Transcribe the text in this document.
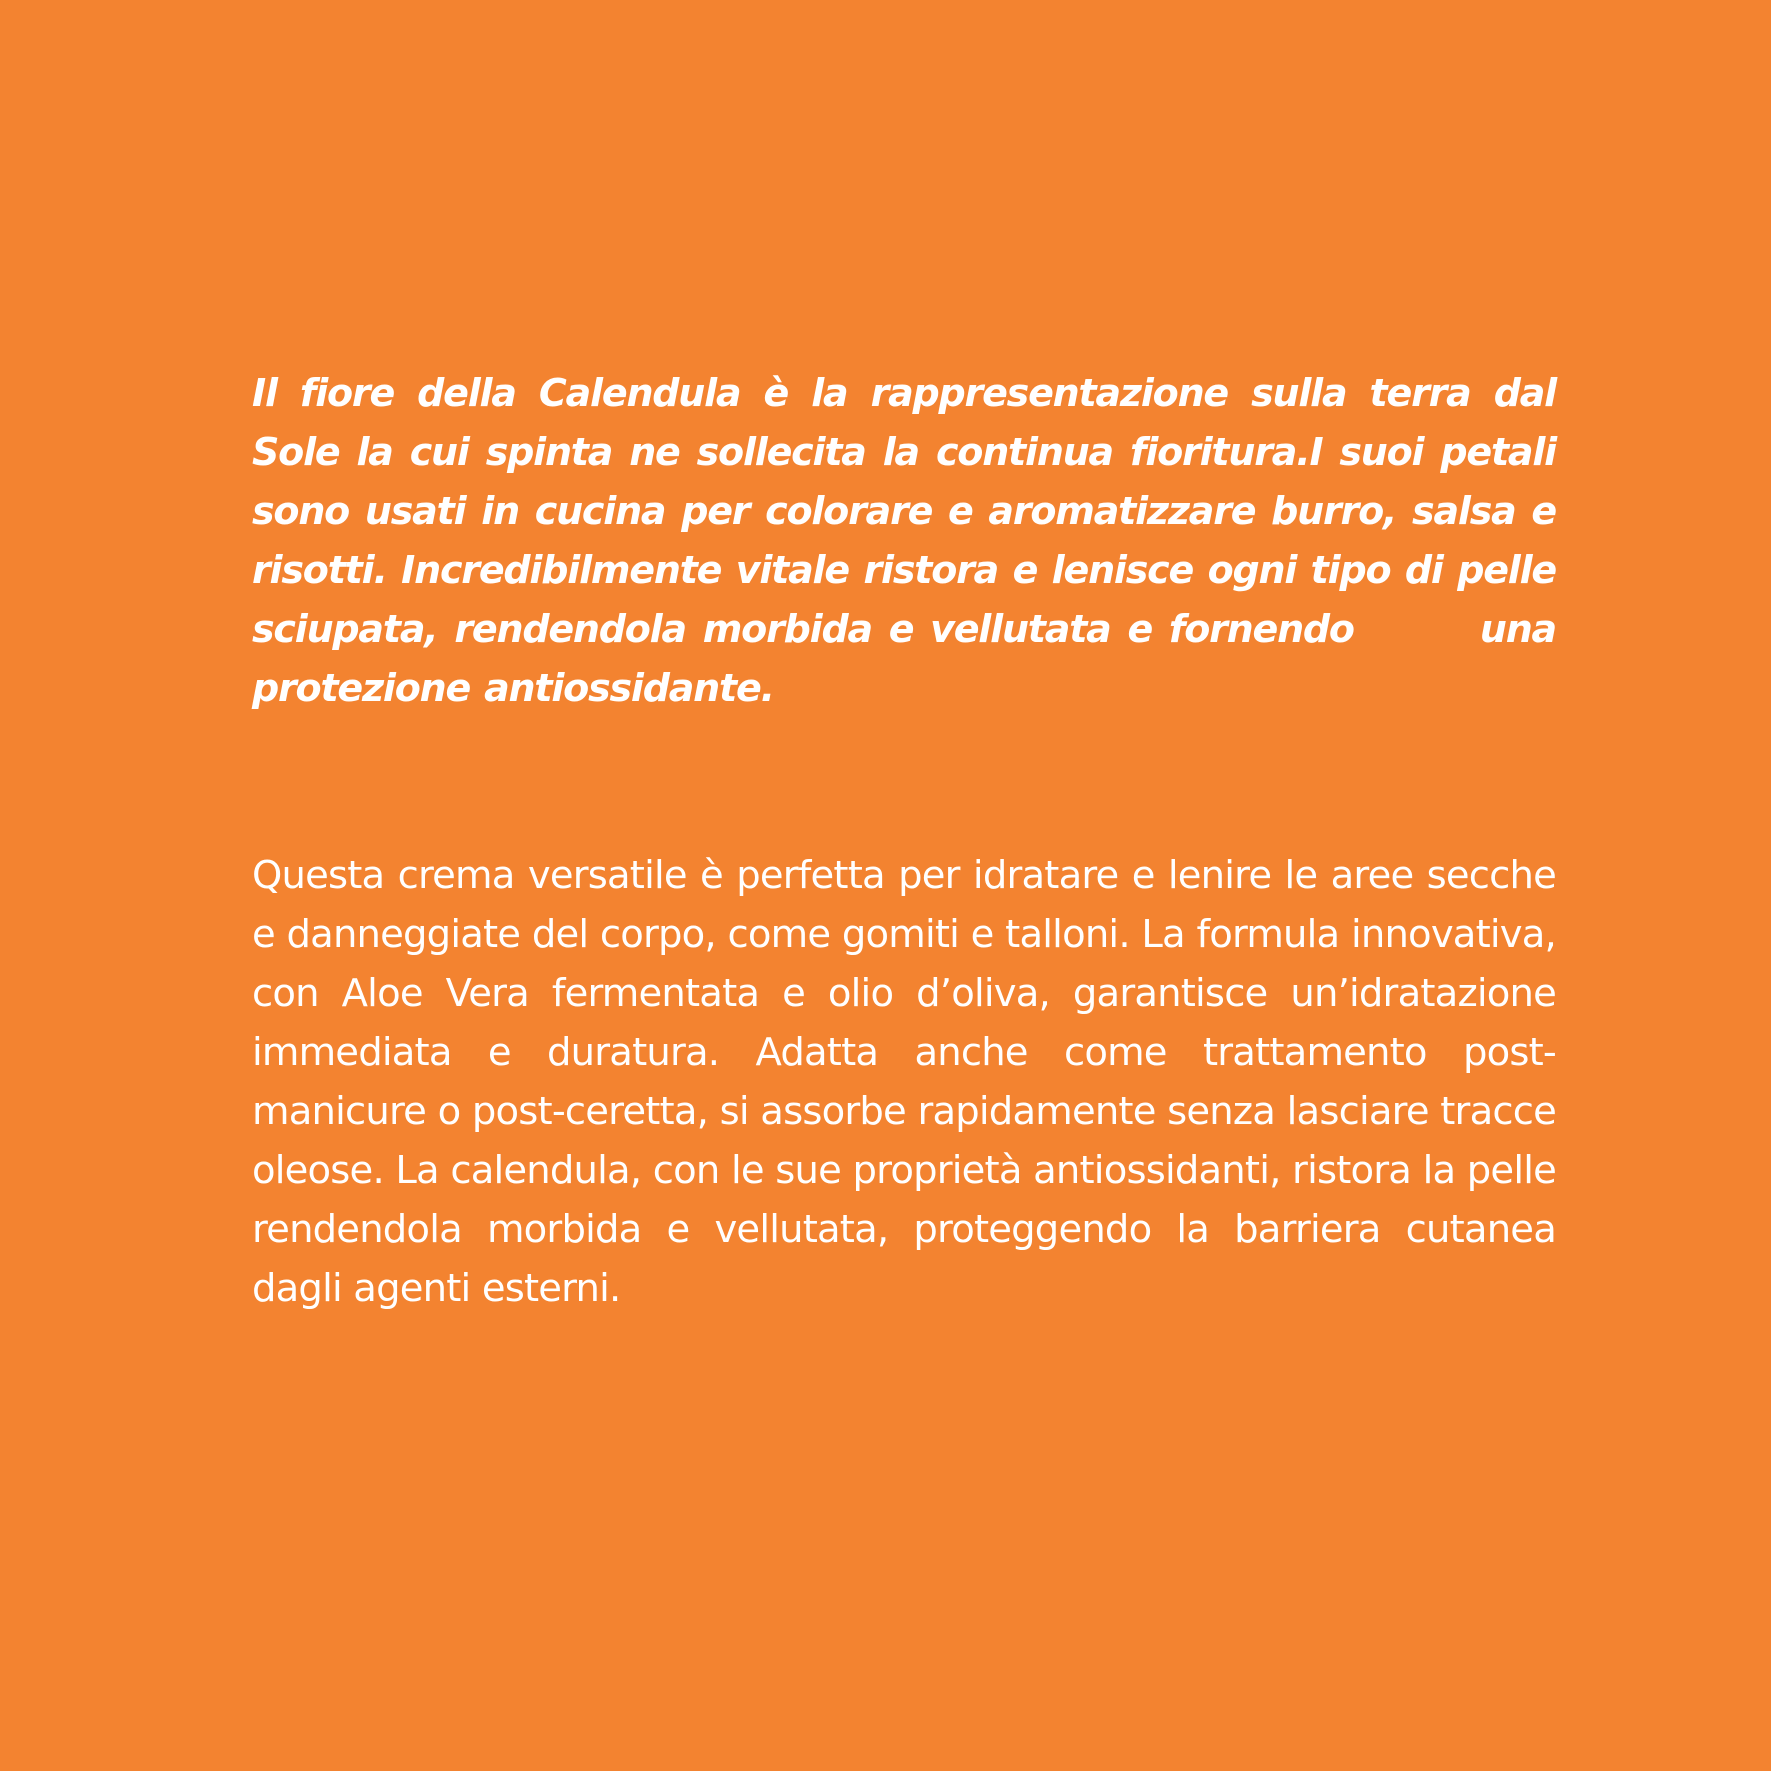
Il fiore della Calendula è la rappresentazione sulla terra dal Sole la cui spinta ne sollecita la continua fioritura.I suoi petali sono usati in cucina per colorare e aromatizzare burro, salsa e risotti. Incredibilmente vitale ristora e lenisce ogni tipo di pelle sciupata, rendendola morbida e vellutata e fornendo	una protezione antiossidante.

Questa crema versatile è perfetta per idratare e lenire le aree secche e danneggiate del corpo, come gomiti e talloni. La formula innovativa, con Aloe Vera fermentata e olio d’oliva, garantisce un’idratazione immediata e duratura. Adatta anche come trattamento post-manicure o post-ceretta, si assorbe rapidamente senza lasciare tracce oleose. La calendula, con le sue proprietà antiossidanti, ristora la pelle rendendola morbida e vellutata, proteggendo la barriera cutanea dagli agenti esterni.
